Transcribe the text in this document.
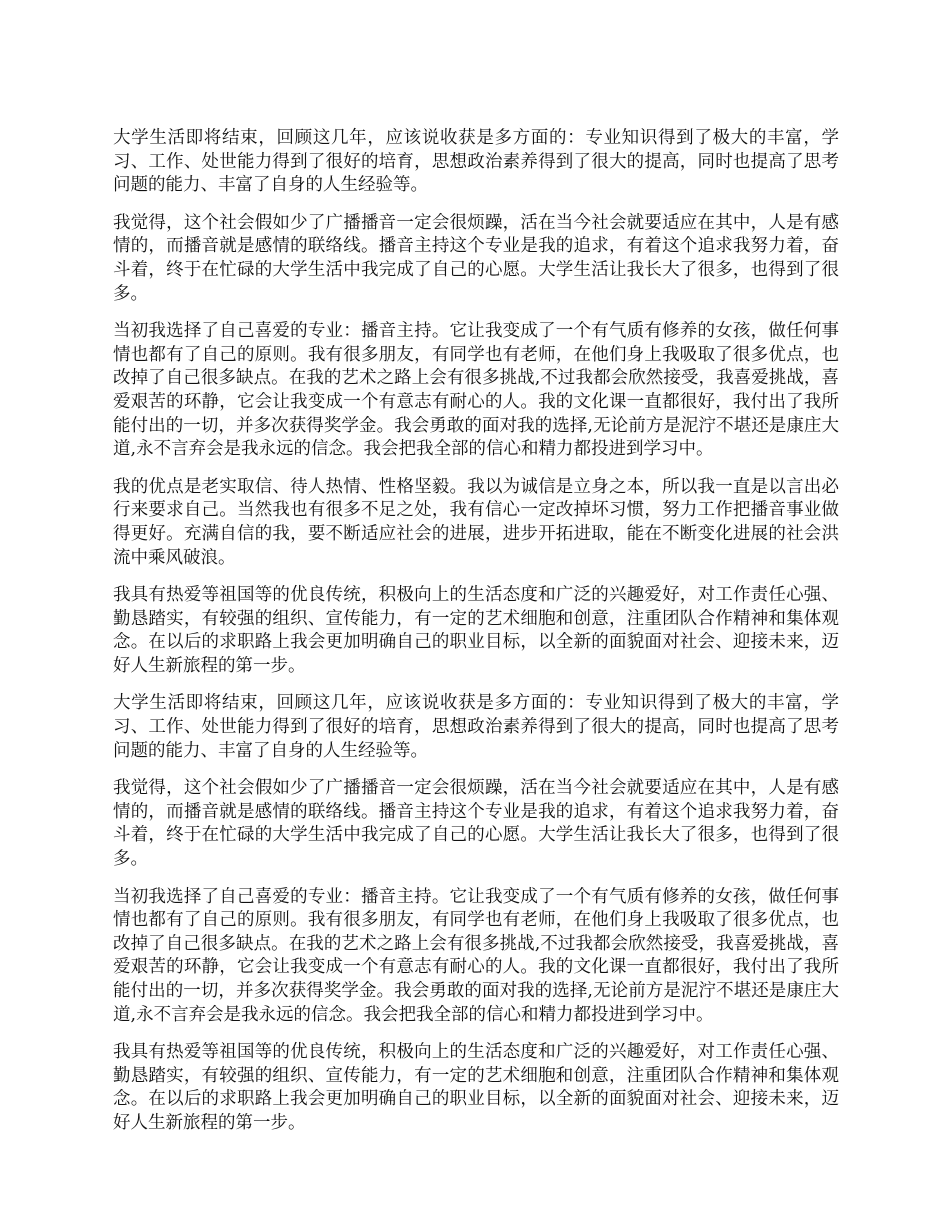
大学生活即将结束，回顾这几年，应该说收获是多方面的：专业知识得到了极大的丰富，学习、工作、处世能力得到了很好的培育，思想政治素养得到了很大的提高，同时也提高了思考问题的能力、丰富了自身的人生经验等。

我觉得，这个社会假如少了广播播音一定会很烦躁，活在当今社会就要适应在其中，人是有感情的，而播音就是感情的联络线。播音主持这个专业是我的追求，有着这个追求我努力着，奋斗着，终于在忙碌的大学生活中我完成了自己的心愿。大学生活让我长大了很多，也得到了很多。

当初我选择了自己喜爱的专业：播音主持。它让我变成了一个有气质有修养的女孩，做任何事情也都有了自己的原则。我有很多朋友，有同学也有老师，在他们身上我吸取了很多优点，也改掉了自己很多缺点。在我的艺术之路上会有很多挑战,不过我都会欣然接受，我喜爱挑战，喜爱艰苦的环静，它会让我变成一个有意志有耐心的人。我的文化课一直都很好，我付出了我所能付出的一切，并多次获得奖学金。我会勇敢的面对我的选择,无论前方是泥泞不堪还是康庄大道,永不言弃会是我永远的信念。我会把我全部的信心和精力都投进到学习中。

我的优点是老实取信、待人热情、性格坚毅。我以为诚信是立身之本，所以我一直是以言出必行来要求自己。当然我也有很多不足之处，我有信心一定改掉坏习惯，努力工作把播音事业做得更好。充满自信的我，要不断适应社会的进展，进步开拓进取，能在不断变化进展的社会洪流中乘风破浪。

我具有热爱等祖国等的优良传统，积极向上的生活态度和广泛的兴趣爱好，对工作责任心强、勤恳踏实，有较强的组织、宣传能力，有一定的艺术细胞和创意，注重团队合作精神和集体观念。在以后的求职路上我会更加明确自己的职业目标，以全新的面貌面对社会、迎接未来，迈好人生新旅程的第一步。

大学生活即将结束，回顾这几年，应该说收获是多方面的：专业知识得到了极大的丰富，学习、工作、处世能力得到了很好的培育，思想政治素养得到了很大的提高，同时也提高了思考问题的能力、丰富了自身的人生经验等。

我觉得，这个社会假如少了广播播音一定会很烦躁，活在当今社会就要适应在其中，人是有感情的，而播音就是感情的联络线。播音主持这个专业是我的追求，有着这个追求我努力着，奋斗着，终于在忙碌的大学生活中我完成了自己的心愿。大学生活让我长大了很多，也得到了很多。

当初我选择了自己喜爱的专业：播音主持。它让我变成了一个有气质有修养的女孩，做任何事情也都有了自己的原则。我有很多朋友，有同学也有老师，在他们身上我吸取了很多优点，也改掉了自己很多缺点。在我的艺术之路上会有很多挑战,不过我都会欣然接受，我喜爱挑战，喜爱艰苦的环静，它会让我变成一个有意志有耐心的人。我的文化课一直都很好，我付出了我所能付出的一切，并多次获得奖学金。我会勇敢的面对我的选择,无论前方是泥泞不堪还是康庄大道,永不言弃会是我永远的信念。我会把我全部的信心和精力都投进到学习中。

我具有热爱等祖国等的优良传统，积极向上的生活态度和广泛的兴趣爱好，对工作责任心强、勤恳踏实，有较强的组织、宣传能力，有一定的艺术细胞和创意，注重团队合作精神和集体观念。在以后的求职路上我会更加明确自己的职业目标，以全新的面貌面对社会、迎接未来，迈好人生新旅程的第一步。
